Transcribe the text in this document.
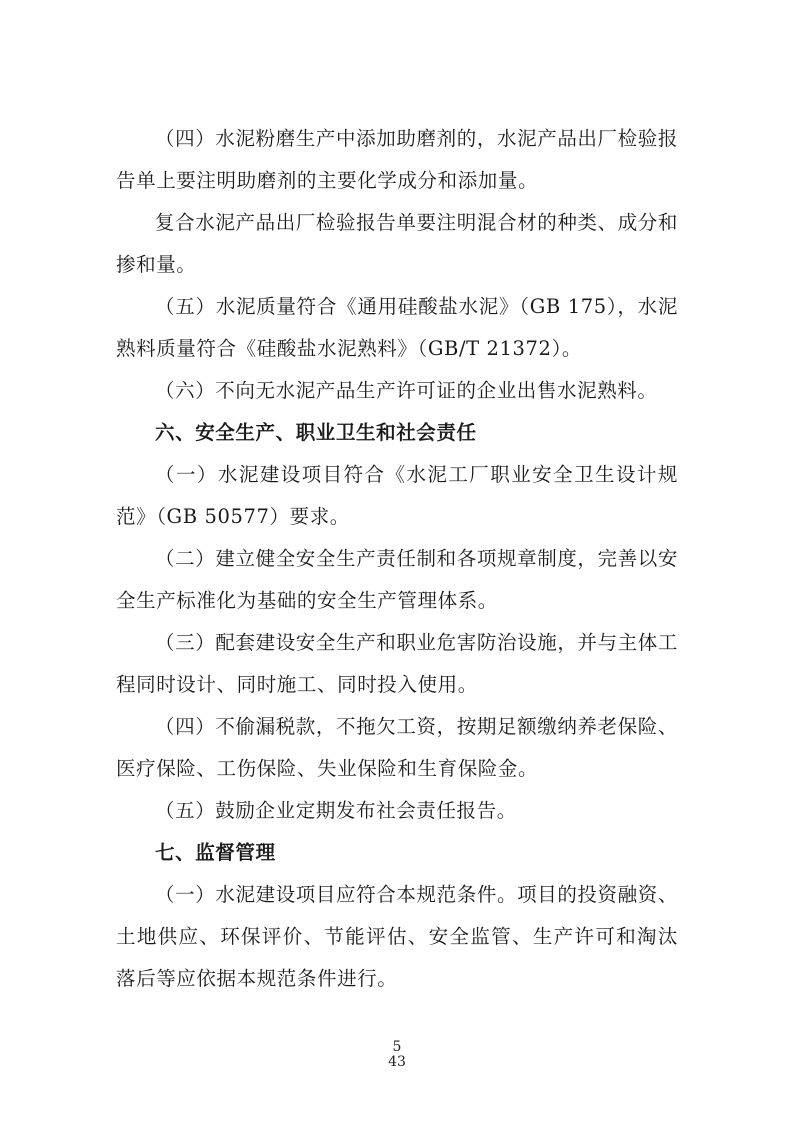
（四）水泥粉磨生产中添加助磨剂的，水泥产品出厂检验报告单上要注明助磨剂的主要化学成分和添加量。

复合水泥产品出厂检验报告单要注明混合材的种类、成分和掺和量。

（五）水泥质量符合《通用硅酸盐水泥》（GB 175），水泥熟料质量符合《硅酸盐水泥熟料》（GB/T 21372）。

（六）不向无水泥产品生产许可证的企业出售水泥熟料。

六、安全生产、职业卫生和社会责任

（一）水泥建设项目符合《水泥工厂职业安全卫生设计规范》（GB 50577）要求。

（二）建立健全安全生产责任制和各项规章制度，完善以安全生产标准化为基础的安全生产管理体系。

（三）配套建设安全生产和职业危害防治设施，并与主体工程同时设计、同时施工、同时投入使用。

（四）不偷漏税款，不拖欠工资，按期足额缴纳养老保险、医疗保险、工伤保险、失业保险和生育保险金。

（五）鼓励企业定期发布社会责任报告。

七、监督管理

（一）水泥建设项目应符合本规范条件。项目的投资融资、土地供应、环保评价、节能评估、安全监管、生产许可和淘汰落后等应依据本规范条件进行。

5
43
